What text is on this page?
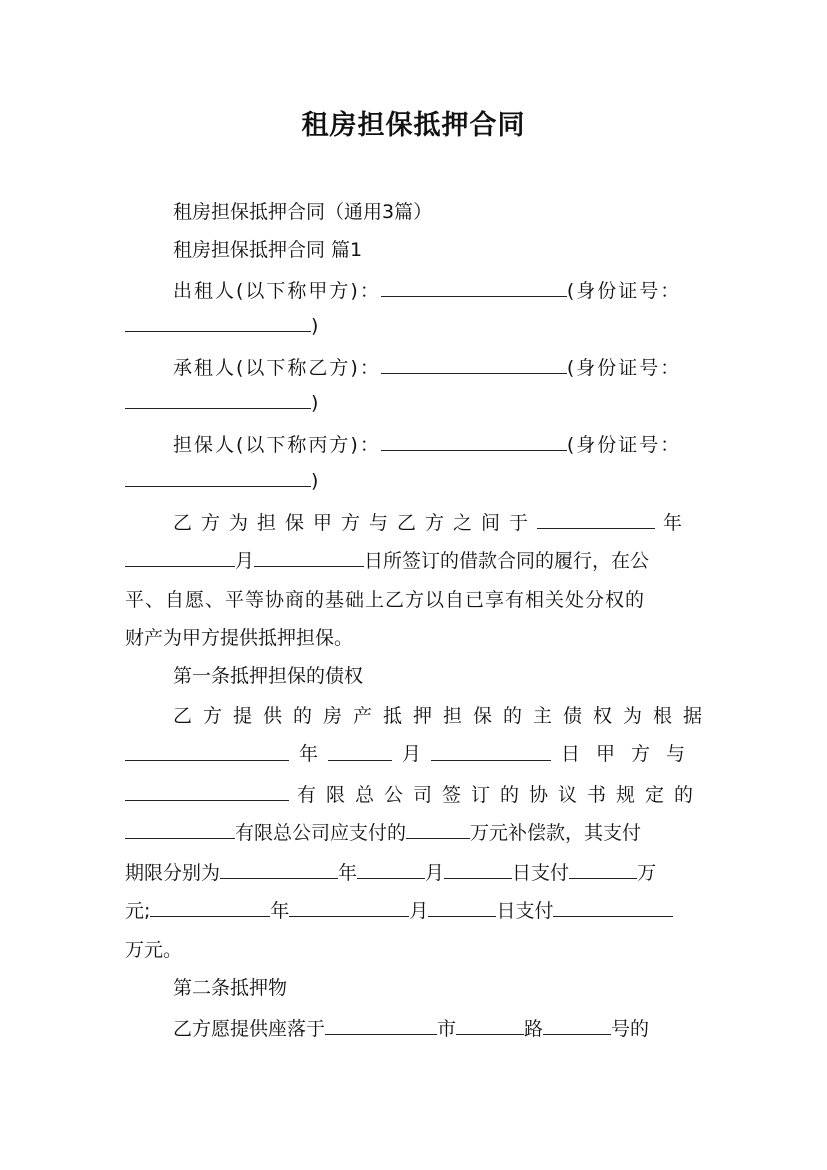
租房担保抵押合同
租房担保抵押合同（通用3篇）
租房担保抵押合同 篇1
出租人(以下称甲方)：	(身份证号：
)
承租人(以下称乙方)：	(身份证号：
)
担保人(以下称丙方)：	(身份证号：
)
乙方为担保甲方与乙方之间于	年
月	日所签订的借款合同的履行，在公
平、自愿、平等协商的基础上乙方以自已享有相关处分权的
财产为甲方提供抵押担保。
第一条抵押担保的债权
乙方提供的房产抵押担保的主债权为根据
年	月	日甲方与
有限总公司签订的协议书规定的
有限总公司应支付的	万元补偿款，其支付
期限分别为	年	月	日支付	万
元;	年	月	日支付
万元。
第二条抵押物
乙方愿提供座落于	市	路	号的
